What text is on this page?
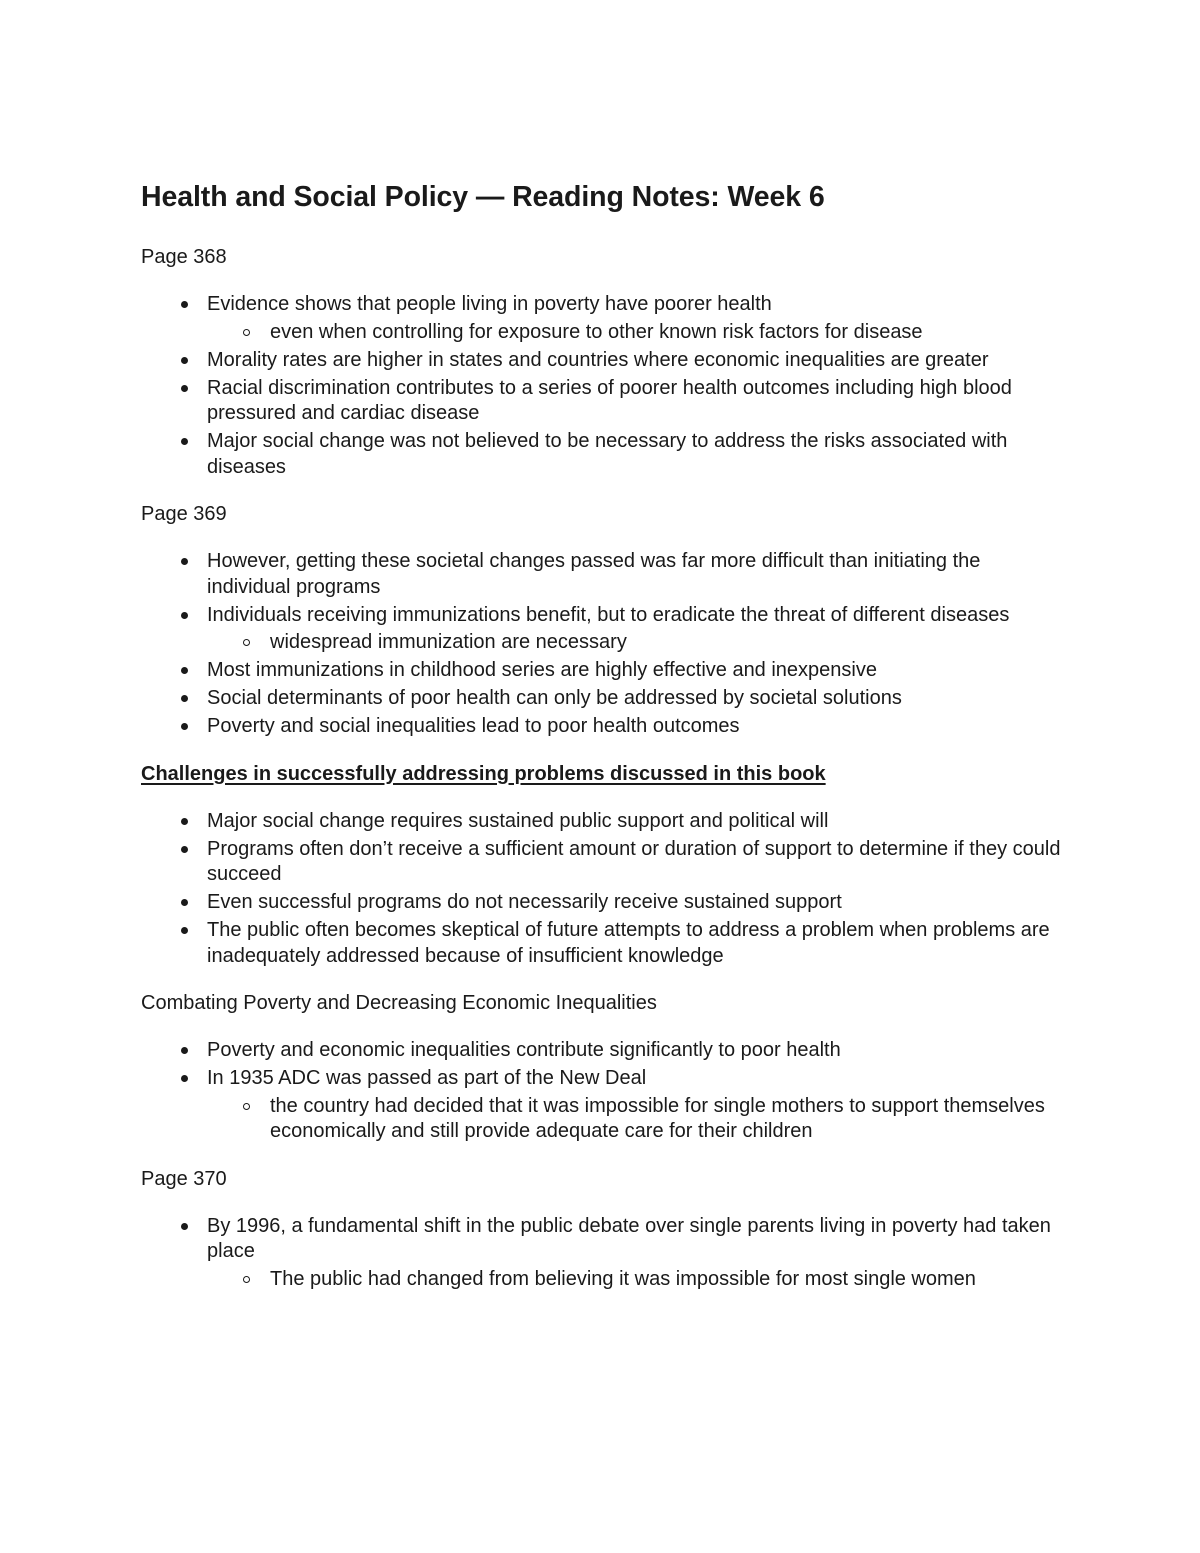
Health and Social Policy — Reading Notes: Week 6
Page 368
Evidence shows that people living in poverty have poorer health
even when controlling for exposure to other known risk factors for disease
Morality rates are higher in states and countries where economic inequalities are greater
Racial discrimination contributes to a series of poorer health outcomes including high blood pressured and cardiac disease
Major social change was not believed to be necessary to address the risks associated with diseases
Page 369
However, getting these societal changes passed was far more difficult than initiating the individual programs
Individuals receiving immunizations benefit, but to eradicate the threat of different diseases
widespread immunization are necessary
Most immunizations in childhood series are highly effective and inexpensive
Social determinants of poor health can only be addressed by societal solutions
Poverty and social inequalities lead to poor health outcomes
Challenges in successfully addressing problems discussed in this book
Major social change requires sustained public support and political will
Programs often don’t receive a sufficient amount or duration of support to determine if they could succeed
Even successful programs do not necessarily receive sustained support
The public often becomes skeptical of future attempts to address a problem when problems are inadequately addressed because of insufficient knowledge
Combating Poverty and Decreasing Economic Inequalities
Poverty and economic inequalities contribute significantly to poor health
In 1935 ADC was passed as part of the New Deal
the country had decided that it was impossible for single mothers to support themselves economically and still provide adequate care for their children
Page 370
By 1996, a fundamental shift in the public debate over single parents living in poverty had taken place
The public had changed from believing it was impossible for most single women
